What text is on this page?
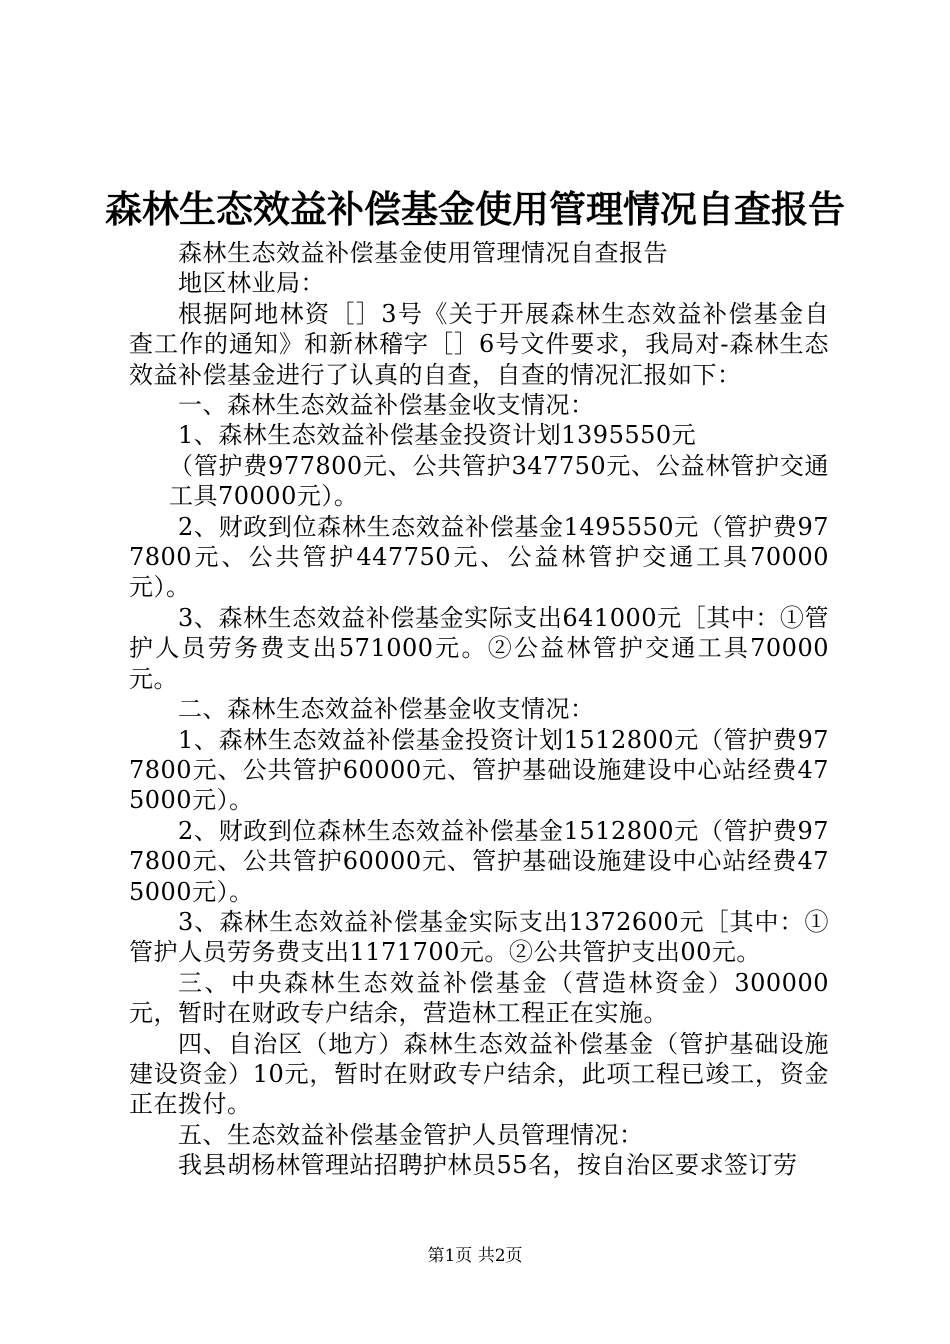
森林生态效益补偿基金使用管理情况自查报告

森林生态效益补偿基金使用管理情况自查报告

地区林业局：

根据阿地林资［］3号《关于开展森林生态效益补偿基金自查工作的通知》和新林稽字［］6号文件要求，我局对-森林生态效益补偿基金进行了认真的自查，自查的情况汇报如下：

一、森林生态效益补偿基金收支情况：

1、森林生态效益补偿基金投资计划1395550元

（管护费977800元、公共管护347750元、公益林管护交通工具70000元）。

2、财政到位森林生态效益补偿基金1495550元（管护费977800元、公共管护447750元、公益林管护交通工具70000元）。

3、森林生态效益补偿基金实际支出641000元［其中：①管护人员劳务费支出571000元。②公益林管护交通工具70000元。

二、森林生态效益补偿基金收支情况：

1、森林生态效益补偿基金投资计划1512800元（管护费977800元、公共管护60000元、管护基础设施建设中心站经费475000元）。

2、财政到位森林生态效益补偿基金1512800元（管护费977800元、公共管护60000元、管护基础设施建设中心站经费475000元）。

3、森林生态效益补偿基金实际支出1372600元［其中：①管护人员劳务费支出1171700元。②公共管护支出00元。

三、中央森林生态效益补偿基金（营造林资金）300000元，暂时在财政专户结余，营造林工程正在实施。

四、自治区（地方）森林生态效益补偿基金（管护基础设施建设资金）10元，暂时在财政专户结余，此项工程已竣工，资金正在拨付。

五、生态效益补偿基金管护人员管理情况：

我县胡杨林管理站招聘护林员55名，按自治区要求签订劳

第1页 共2页
